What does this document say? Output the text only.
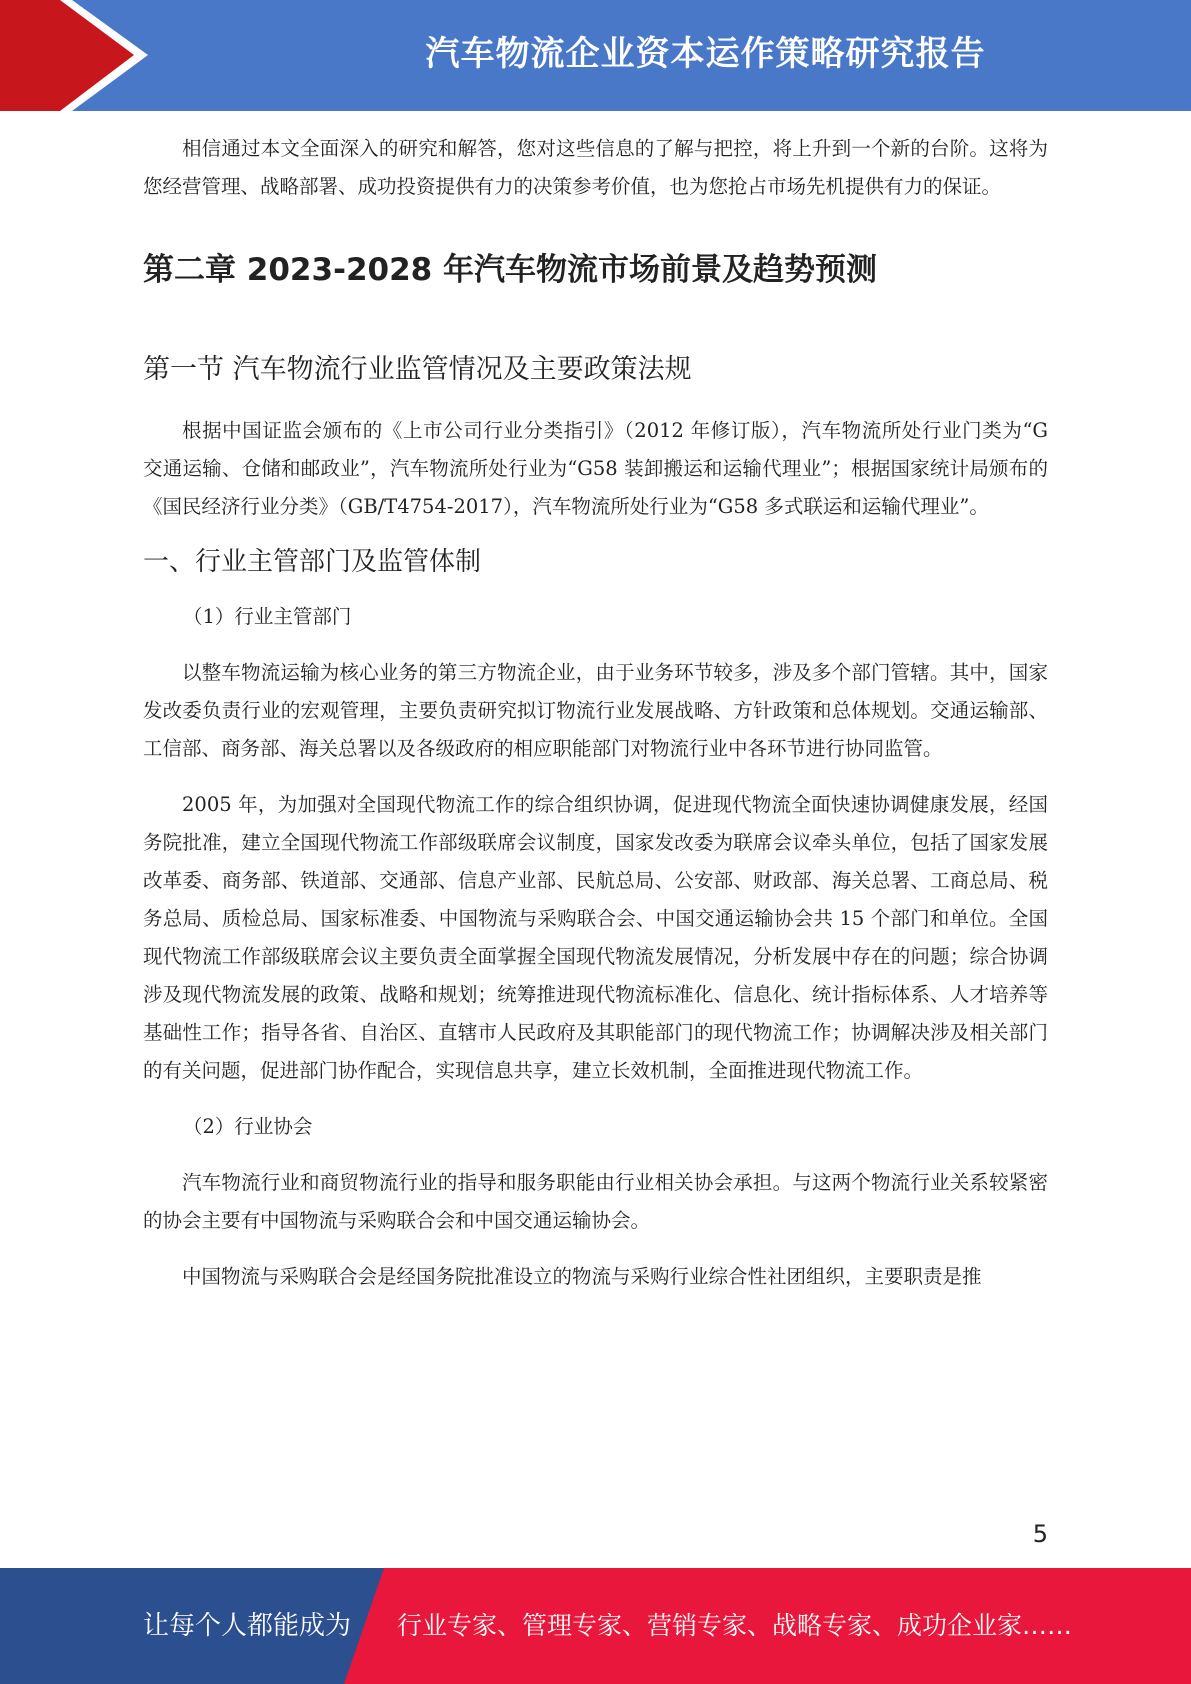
汽车物流企业资本运作策略研究报告

相信通过本文全面深入的研究和解答，您对这些信息的了解与把控，将上升到一个新的台阶。这将为您经营管理、战略部署、成功投资提供有力的决策参考价值，也为您抢占市场先机提供有力的保证。

第二章 2023-2028 年汽车物流市场前景及趋势预测
第一节 汽车物流行业监管情况及主要政策法规

根据中国证监会颁布的《上市公司行业分类指引》（2012 年修订版），汽车物流所处行业门类为“G 交通运输、仓储和邮政业”，汽车物流所处行业为“G58 装卸搬运和运输代理业”；根据国家统计局颁布的《国民经济行业分类》（GB/T4754-2017），汽车物流所处行业为“G58 多式联运和运输代理业”。

一、行业主管部门及监管体制
（1）行业主管部门

以整车物流运输为核心业务的第三方物流企业，由于业务环节较多，涉及多个部门管辖。其中，国家发改委负责行业的宏观管理，主要负责研究拟订物流行业发展战略、方针政策和总体规划。交通运输部、工信部、商务部、海关总署以及各级政府的相应职能部门对物流行业中各环节进行协同监管。

2005 年，为加强对全国现代物流工作的综合组织协调，促进现代物流全面快速协调健康发展，经国务院批准，建立全国现代物流工作部级联席会议制度，国家发改委为联席会议牵头单位，包括了国家发展改革委、商务部、铁道部、交通部、信息产业部、民航总局、公安部、财政部、海关总署、工商总局、税务总局、质检总局、国家标准委、中国物流与采购联合会、中国交通运输协会共 15 个部门和单位。全国现代物流工作部级联席会议主要负责全面掌握全国现代物流发展情况，分析发展中存在的问题；综合协调涉及现代物流发展的政策、战略和规划；统筹推进现代物流标准化、信息化、统计指标体系、人才培养等基础性工作；指导各省、自治区、直辖市人民政府及其职能部门的现代物流工作；协调解决涉及相关部门的有关问题，促进部门协作配合，实现信息共享，建立长效机制，全面推进现代物流工作。

（2）行业协会

汽车物流行业和商贸物流行业的指导和服务职能由行业相关协会承担。与这两个物流行业关系较紧密的协会主要有中国物流与采购联合会和中国交通运输协会。

中国物流与采购联合会是经国务院批准设立的物流与采购行业综合性社团组织，主要职责是推

5
让每个人都能成为 行业专家、管理专家、营销专家、战略专家、成功企业家……
